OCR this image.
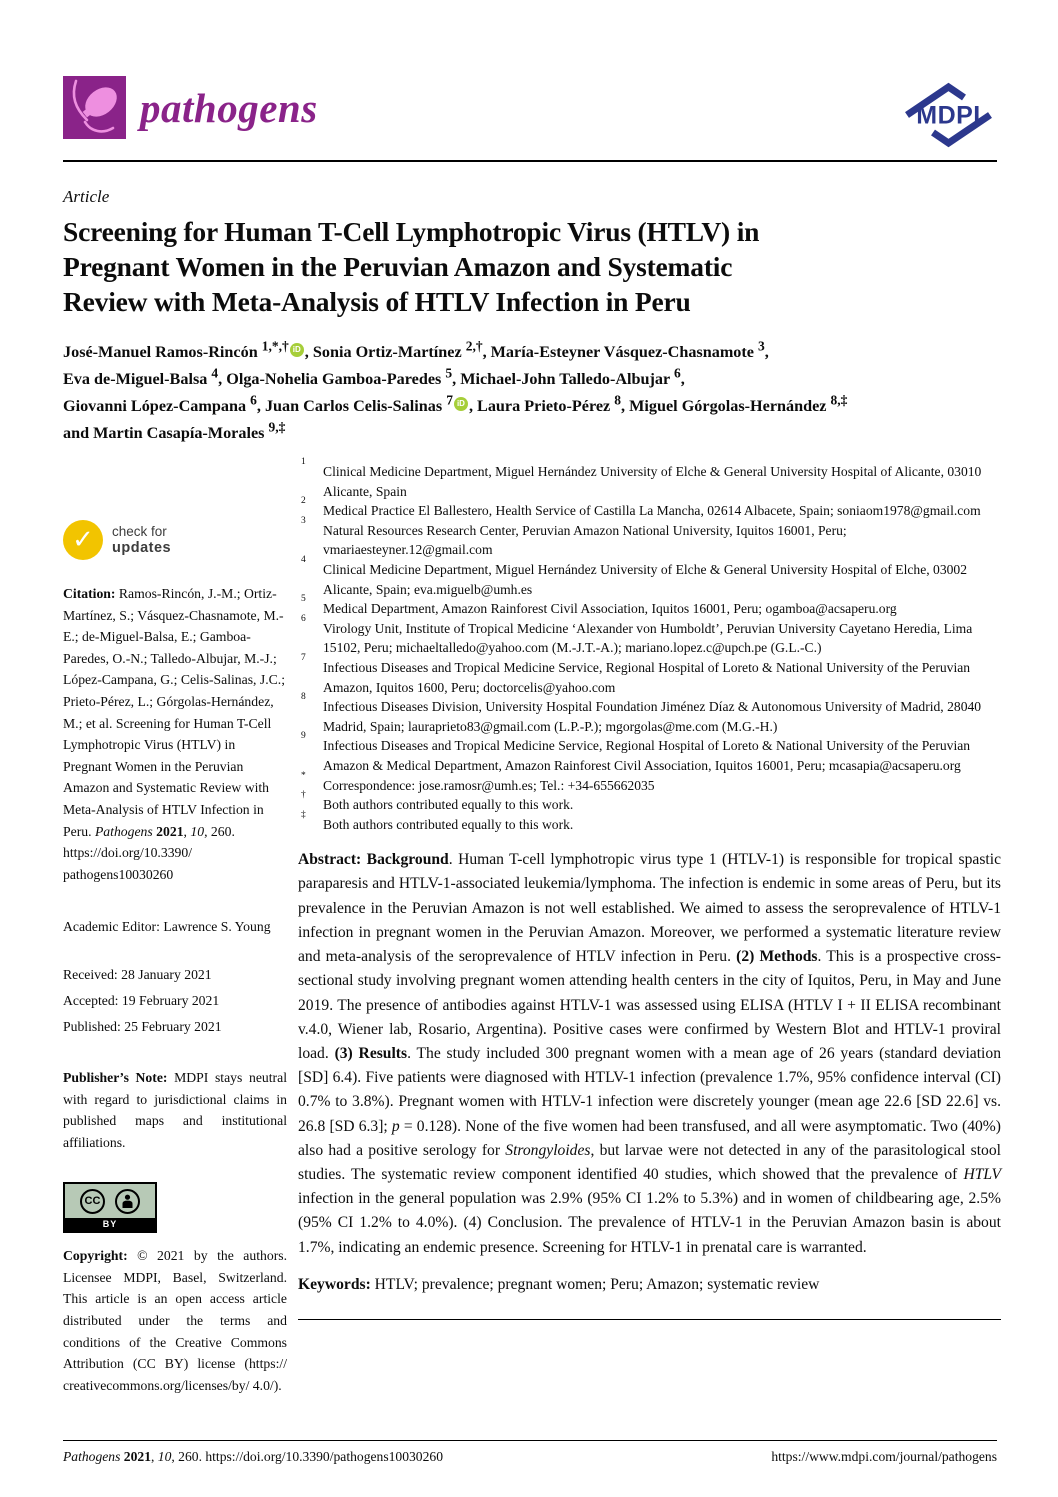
pathogens	MDPI
Article
Screening for Human T-Cell Lymphotropic Virus (HTLV) in
Pregnant Women in the Peruvian Amazon and Systematic
Review with Meta-Analysis of HTLV Infection in Peru
José-Manuel Ramos-Rincón $^{1,*,\dagger}$ iD , Sonia Ortiz-Martínez $^{2,\dagger}$, María-Esteyner Vásquez-Chasnamote $^3$,
Eva de-Miguel-Balsa $^4$, Olga-Nohelia Gamboa-Paredes $^5$, Michael-John Talledo-Albujar $^6$,
Giovanni López-Campana $^6$, Juan Carlos Celis-Salinas $^7$ iD , Laura Prieto-Pérez $^8$, Miguel Górgolas-Hernández $^{8,\ddagger}$
and Martin Casapía-Morales $^{9,\ddagger}$
✓	check for
updates
Citation: Ramos-Rincón, J.-M.; Ortiz-Martínez, S.; Vásquez-Chasnamote, M.-E.; de-Miguel-Balsa, E.; Gamboa-Paredes, O.-N.; Talledo-Albujar, M.-J.; López-Campana, G.; Celis-Salinas, J.C.; Prieto-Pérez, L.; Górgolas-Hernández, M.; et al. Screening for Human T-Cell Lymphotropic Virus (HTLV) in Pregnant Women in the Peruvian Amazon and Systematic Review with Meta-Analysis of HTLV Infection in Peru. Pathogens 2021, 10, 260. https://doi.org/10.3390/ pathogens10030260
Academic Editor: Lawrence S. Young
Received: 28 January 2021
Accepted: 19 February 2021
Published: 25 February 2021
Publisher’s Note: MDPI stays neutral with regard to jurisdictional claims in published maps and institutional affiliations.
CC
BY
Copyright: © 2021 by the authors. Licensee MDPI, Basel, Switzerland. This article is an open access article distributed under the terms and conditions of the Creative Commons Attribution (CC BY) license (https:// creativecommons.org/licenses/by/ 4.0/).
1
Clinical Medicine Department, Miguel Hernández University of Elche & General University Hospital of Alicante, 03010 Alicante, Spain
2
Medical Practice El Ballestero, Health Service of Castilla La Mancha, 02614 Albacete, Spain; soniaom1978@gmail.com
3
Natural Resources Research Center, Peruvian Amazon National University, Iquitos 16001, Peru; vmariaesteyner.12@gmail.com
4
Clinical Medicine Department, Miguel Hernández University of Elche & General University Hospital of Elche, 03002 Alicante, Spain; eva.miguelb@umh.es
5
Medical Department, Amazon Rainforest Civil Association, Iquitos 16001, Peru; ogamboa@acsaperu.org
6
Virology Unit, Institute of Tropical Medicine ‘Alexander von Humboldt’, Peruvian University Cayetano Heredia, Lima 15102, Peru; michaeltalledo@yahoo.com (M.-J.T.-A.); mariano.lopez.c@upch.pe (G.L.-C.)
7
Infectious Diseases and Tropical Medicine Service, Regional Hospital of Loreto & National University of the Peruvian Amazon, Iquitos 1600, Peru; doctorcelis@yahoo.com
8
Infectious Diseases Division, University Hospital Foundation Jiménez Díaz & Autonomous University of Madrid, 28040 Madrid, Spain; lauraprieto83@gmail.com (L.P.-P.); mgorgolas@me.com (M.G.-H.)
9
Infectious Diseases and Tropical Medicine Service, Regional Hospital of Loreto & National University of the Peruvian Amazon & Medical Department, Amazon Rainforest Civil Association, Iquitos 16001, Peru; mcasapia@acsaperu.org
*
Correspondence: jose.ramosr@umh.es; Tel.: +34-655662035
†
Both authors contributed equally to this work.
‡
Both authors contributed equally to this work.
Abstract: Background. Human T-cell lymphotropic virus type 1 (HTLV-1) is responsible for tropical spastic paraparesis and HTLV-1-associated leukemia/lymphoma. The infection is endemic in some areas of Peru, but its prevalence in the Peruvian Amazon is not well established. We aimed to assess the seroprevalence of HTLV-1 infection in pregnant women in the Peruvian Amazon. Moreover, we performed a systematic literature review and meta-analysis of the seroprevalence of HTLV infection in Peru. (2) Methods. This is a prospective cross-sectional study involving pregnant women attending health centers in the city of Iquitos, Peru, in May and June 2019. The presence of antibodies against HTLV-1 was assessed using ELISA (HTLV I + II ELISA recombinant v.4.0, Wiener lab, Rosario, Argentina). Positive cases were confirmed by Western Blot and HTLV-1 proviral load. (3) Results. The study included 300 pregnant women with a mean age of 26 years (standard deviation [SD] 6.4). Five patients were diagnosed with HTLV-1 infection (prevalence 1.7%, 95% confidence interval (CI) 0.7% to 3.8%). Pregnant women with HTLV-1 infection were discretely younger (mean age 22.6 [SD 22.6] vs. 26.8 [SD 6.3]; p = 0.128). None of the five women had been transfused, and all were asymptomatic. Two (40%) also had a positive serology for Strongyloides, but larvae were not detected in any of the parasitological stool studies. The systematic review component identified 40 studies, which showed that the prevalence of HTLV infection in the general population was 2.9% (95% CI 1.2% to 5.3%) and in women of childbearing age, 2.5% (95% CI 1.2% to 4.0%). (4) Conclusion. The prevalence of HTLV-1 in the Peruvian Amazon basin is about 1.7%, indicating an endemic presence. Screening for HTLV-1 in prenatal care is warranted.
Keywords: HTLV; prevalence; pregnant women; Peru; Amazon; systematic review
Pathogens 2021, 10, 260. https://doi.org/10.3390/pathogens10030260	https://www.mdpi.com/journal/pathogens
